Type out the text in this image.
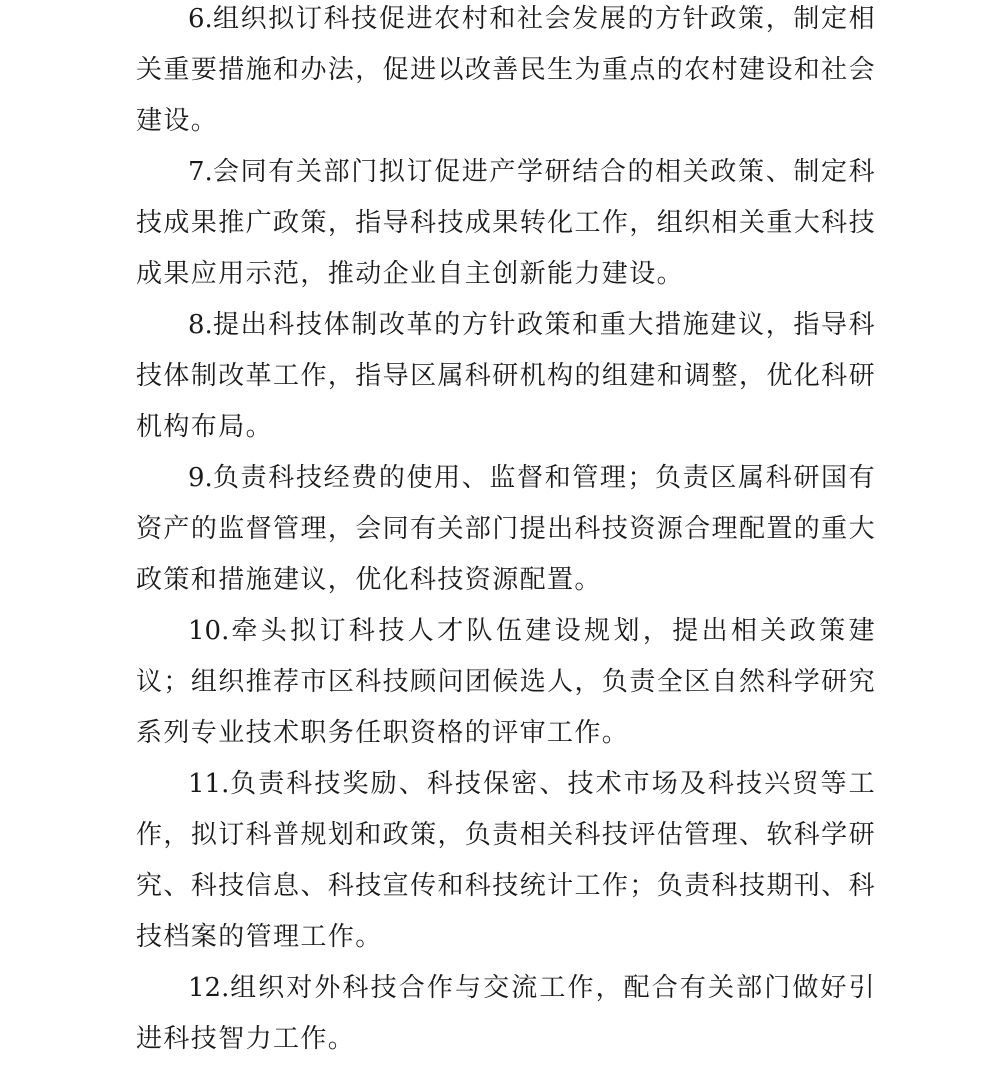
6.组织拟订科技促进农村和社会发展的方针政策，制定相关重要措施和办法，促进以改善民生为重点的农村建设和社会建设。

7.会同有关部门拟订促进产学研结合的相关政策、制定科技成果推广政策，指导科技成果转化工作，组织相关重大科技成果应用示范，推动企业自主创新能力建设。

8.提出科技体制改革的方针政策和重大措施建议，指导科技体制改革工作，指导区属科研机构的组建和调整，优化科研机构布局。

9.负责科技经费的使用、监督和管理；负责区属科研国有资产的监督管理，会同有关部门提出科技资源合理配置的重大政策和措施建议，优化科技资源配置。

10.牵头拟订科技人才队伍建设规划，提出相关政策建议；组织推荐市区科技顾问团候选人，负责全区自然科学研究系列专业技术职务任职资格的评审工作。

11.负责科技奖励、科技保密、技术市场及科技兴贸等工作，拟订科普规划和政策，负责相关科技评估管理、软科学研究、科技信息、科技宣传和科技统计工作；负责科技期刊、科技档案的管理工作。

12.组织对外科技合作与交流工作，配合有关部门做好引进科技智力工作。
